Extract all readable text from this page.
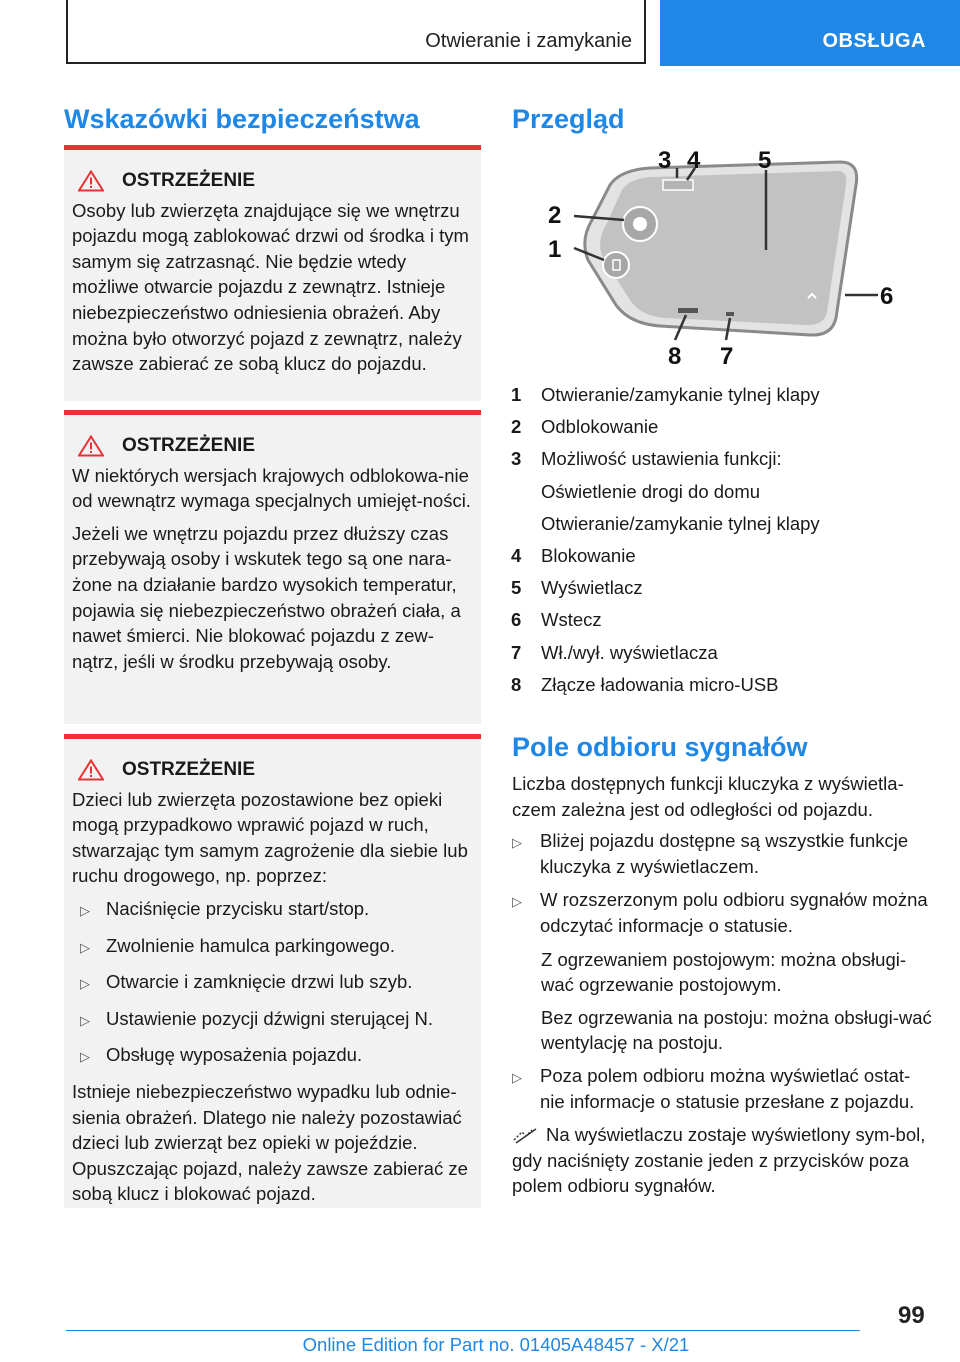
Otwieranie i zamykanie	OBSŁUGA
Wskazówki bezpieczeństwa
OSTRZEŻENIE

Osoby lub zwierzęta znajdujące się we wnętrzu pojazdu mogą zablokować drzwi od środka i tym samym się zatrzasnąć. Nie będzie wtedy możliwe otwarcie pojazdu z zewnątrz. Istnieje niebezpieczeństwo odniesienia obrażeń. Aby można było otworzyć pojazd z zewnątrz, należy zawsze zabierać ze sobą klucz do pojazdu.

OSTRZEŻENIE

W niektórych wersjach krajowych odblokowa-nie od wewnątrz wymaga specjalnych umiejęt-ności.

Jeżeli we wnętrzu pojazdu przez dłuższy czas przebywają osoby i wskutek tego są one nara-żone na działanie bardzo wysokich temperatur, pojawia się niebezpieczeństwo obrażeń ciała, a nawet śmierci. Nie blokować pojazdu z zew-nątrz, jeśli w środku przebywają osoby.

OSTRZEŻENIE

Dzieci lub zwierzęta pozostawione bez opieki mogą przypadkowo wprawić pojazd w ruch, stwarzając tym samym zagrożenie dla siebie lub ruchu drogowego, np. poprzez:

▷ Naciśnięcie przycisku start/stop.
▷ Zwolnienie hamulca parkingowego.
▷ Otwarcie i zamknięcie drzwi lub szyb.
▷ Ustawienie pozycji dźwigni sterującej N.
▷ Obsługę wyposażenia pojazdu.

Istnieje niebezpieczeństwo wypadku lub odnie-sienia obrażeń. Dlatego nie należy pozostawiać dzieci lub zwierząt bez opieki w pojeździe. Opuszczając pojazd, należy zawsze zabierać ze sobą klucz i blokować pojazd.

Przegląd
3 4 5
2
1
6
8 7
1	Otwieranie/zamykanie tylnej klapy
2	Odblokowanie
3	Możliwość ustawienia funkcji:
Oświetlenie drogi do domu
Otwieranie/zamykanie tylnej klapy
4	Blokowanie
5	Wyświetlacz
6	Wstecz
7	Wł./wył. wyświetlacza
8	Złącze ładowania micro-USB
Pole odbioru sygnałów

Liczba dostępnych funkcji kluczyka z wyświetla-czem zależna jest od odległości od pojazdu.

▷ Bliżej pojazdu dostępne są wszystkie funkcje kluczyka z wyświetlaczem.
▷ W rozszerzonym polu odbioru sygnałów można odczytać informacje o statusie.

Z ogrzewaniem postojowym: można obsługi-wać ogrzewanie postojowym.

Bez ogrzewania na postoju: można obsługi-wać wentylację na postoju.

▷ Poza polem odbioru można wyświetlać ostat-nie informacje o statusie przesłane z pojazdu.

Na wyświetlaczu zostaje wyświetlony sym-bol, gdy naciśnięty zostanie jeden z przycisków poza polem odbioru sygnałów.

99
Online Edition for Part no. 01405A48457 - X/21
